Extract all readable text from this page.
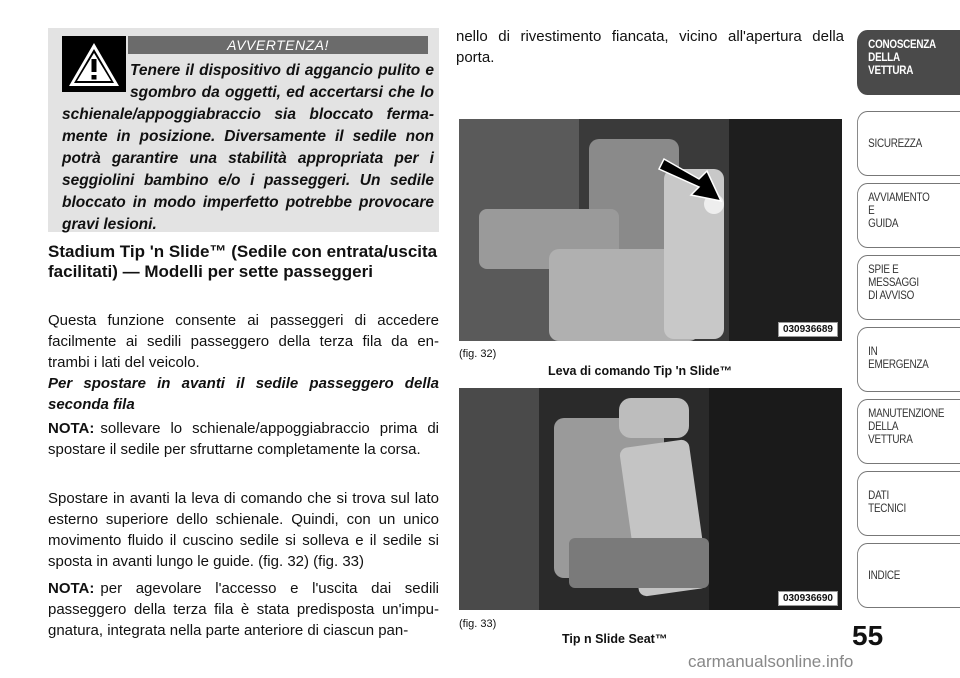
AVVERTENZA!
Tenere il dispositivo di aggancio pulito e sgombro da oggetti, ed accertarsi che lo schienale/appoggiabraccio sia bloccato ferma- mente in posizione. Diversamente il sedile non potrà garantire una stabilità appropriata per i seggiolini bambino e/o i passeggeri. Un sedile bloccato in modo imperfetto potrebbe provocare gravi lesioni.
Stadium Tip 'n Slide™ (Sedile con entrata/uscita facilitati) — Modelli per sette passeggeri
Questa funzione consente ai passeggeri di accedere facilmente ai sedili passeggero della terza fila da en- trambi i lati del veicolo.
Per spostare in avanti il sedile passeggero della seconda fila
NOTA: sollevare lo schienale/appoggiabraccio prima di spostare il sedile per sfruttarne completamente la corsa.
Spostare in avanti la leva di comando che si trova sul lato esterno superiore dello schienale. Quindi, con un unico movimento fluido il cuscino sedile si solleva e il sedile si sposta in avanti lungo le guide. (fig. 32) (fig. 33)
NOTA: per agevolare l'accesso e l'uscita dai sedili passeggero della terza fila è stata predisposta un'impu- gnatura, integrata nella parte anteriore di ciascun pan-
nello di rivestimento fiancata, vicino all'apertura della porta.
030936689
(fig. 32)
Leva di comando Tip 'n Slide™
030936690
(fig. 33)
Tip n Slide Seat™	55
CONOSCENZA
DELLA
VETTURA
SICUREZZA
AVVIAMENTO
E
GUIDA
SPIE E
MESSAGGI
DI AVVISO
IN
EMERGENZA
MANUTENZIONE
DELLA
VETTURA
DATI
TECNICI
INDICE
carmanualsonline.info
